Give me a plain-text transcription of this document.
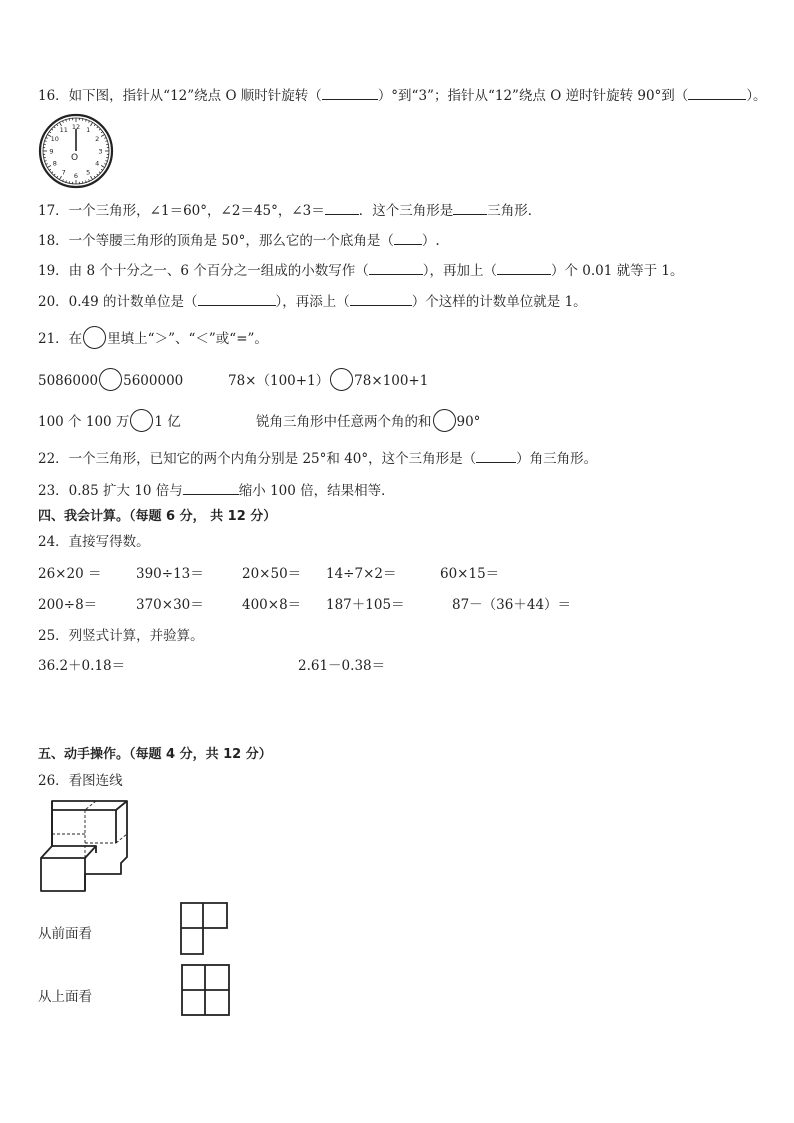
16．如下图，指针从“12”绕点 O 顺时针旋转（	）°到“3”；指针从“12”绕点 O 逆时针旋转 90°到（	）。
12 1
2
3
4
5
6
7
8
9
10
11
O
17．一个三角形，∠1＝60°，∠2＝45°，∠3＝	．这个三角形是	三角形．
18．一个等腰三角形的顶角是 50°，那么它的一个底角是（ ）.
19．由 8 个十分之一、6 个百分之一组成的小数写作（	），再加上（	）个 0.01 就等于 1。
20．0.49 的计数单位是（	），再添上（	）个这样的计数单位就是 1。
21．在 里填上“＞”、“＜”或“=”。
5086000 5600000	78×（100+1） 78×100+1
100 个 100 万 1 亿	锐角三角形中任意两个角的和 90°
22．一个三角形，已知它的两个内角分别是 25°和 40°，这个三角形是（	）角三角形。
23．0.85 扩大 10 倍与	缩小 100 倍，结果相等．
四、我会计算。（每题 6 分， 共 12 分）
24．直接写得数。
26×20 ＝	390÷13＝	20×50＝ 14÷7×2＝	60×15＝
200÷8＝	370×30＝	400×8＝ 187＋105＝	87－（36＋44）＝
25．列竖式计算，并验算。
36.2＋0.18＝	2.61－0.38＝
五、动手操作。（每题 4 分，共 12 分）
26．看图连线
从前面看
从上面看
